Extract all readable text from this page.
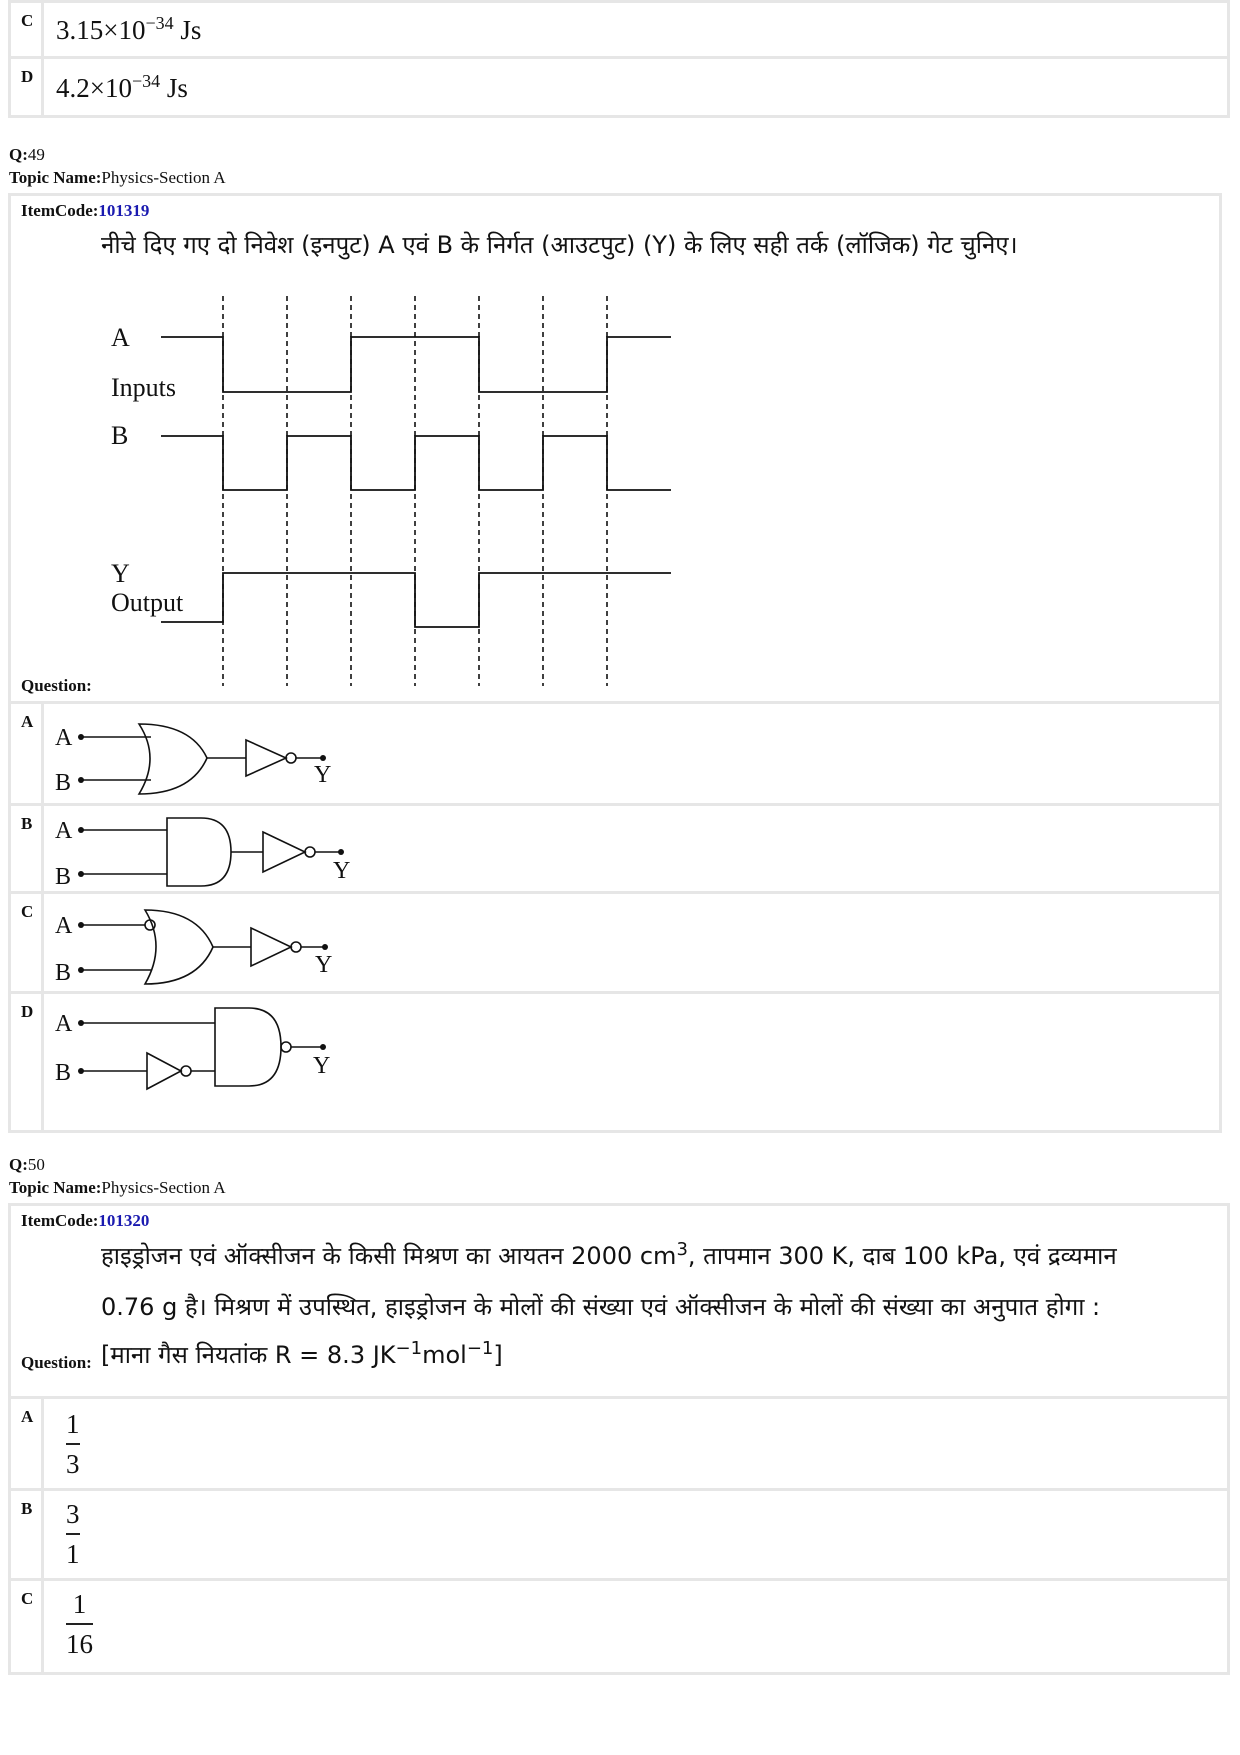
C $3.15\times 10^{-34}$ Js
D $4.2\times 10^{-34}$ Js
Q:49
Topic Name:Physics-Section A
ItemCode:101319
नीचे दिए गए दो निवेश (इनपुट) A एवं B के निर्गत (आउटपुट) (Y) के लिए सही तर्क (लॉजिक) गेट चुनिए।
A
Inputs
B
Y
Output
Question:
A
A
B	Y
B A
B	Y
C
A
B	Y
D A
B	Y
Q:50
Topic Name:Physics-Section A
ItemCode:101320
हाइड्रोजन एवं ऑक्सीजन के किसी मिश्रण का आयतन 2000 $cm^3$, तापमान 300 K, दाब 100 kPa, एवं द्रव्यमान
0.76 g है। मिश्रण में उपस्थित, हाइड्रोजन के मोलों की संख्या एवं ऑक्सीजन के मोलों की संख्या का अनुपात होगा :
Question: [माना गैस नियतांक R = 8.3 $JK^{-1}mol^{-1}$]
A 1
3
B 3
1
C 1
16
